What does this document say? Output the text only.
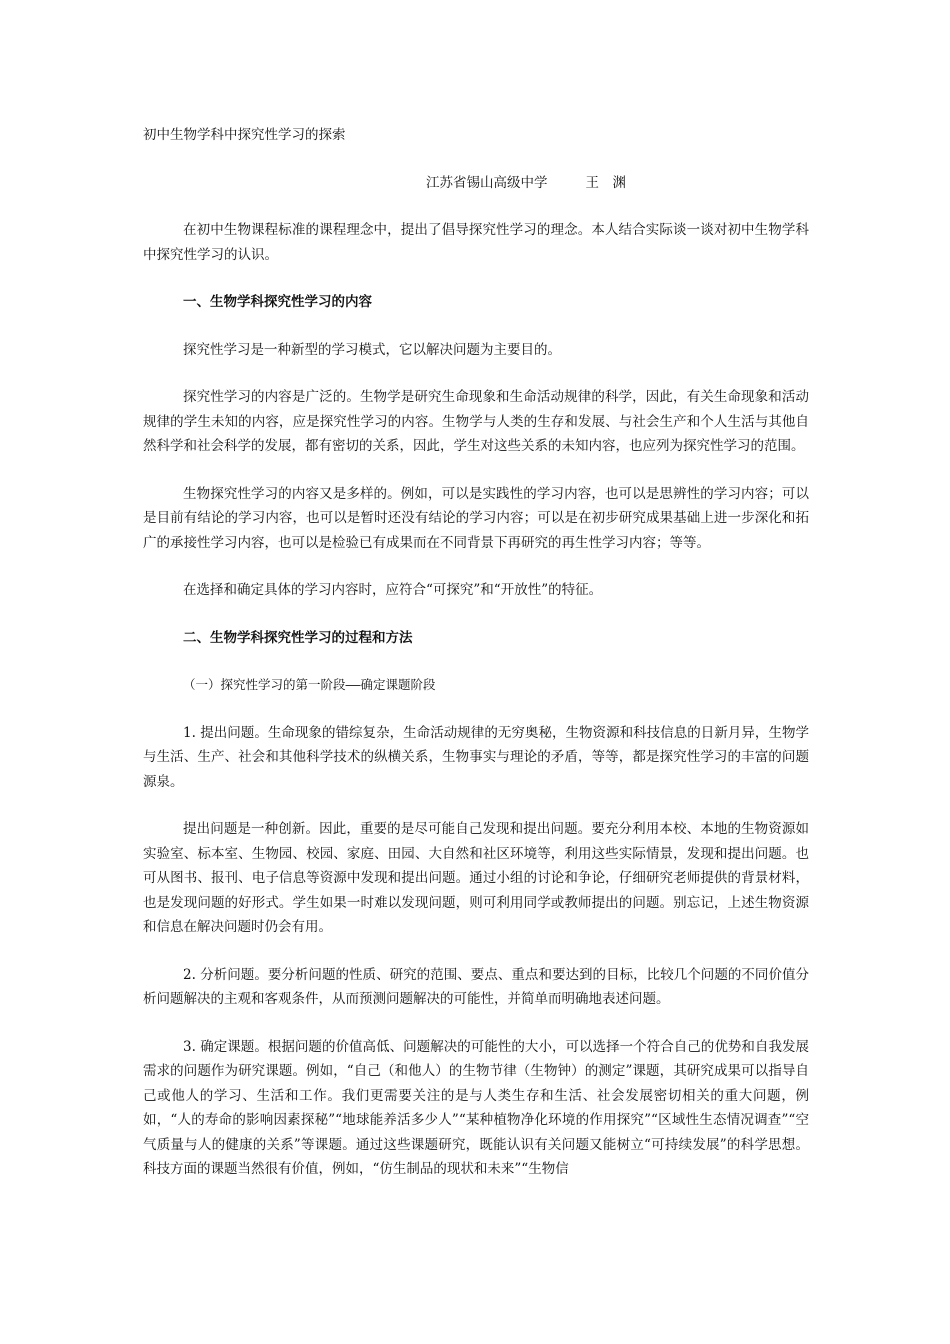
初中生物学科中探究性学习的探索
江苏省锡山高级中学	王　渊

在初中生物课程标准的课程理念中，提出了倡导探究性学习的理念。本人结合实际谈一谈对初中生物学科中探究性学习的认识。

一、生物学科探究性学习的内容

探究性学习是一种新型的学习模式，它以解决问题为主要目的。

探究性学习的内容是广泛的。生物学是研究生命现象和生命活动规律的科学，因此，有关生命现象和活动规律的学生未知的内容，应是探究性学习的内容。生物学与人类的生存和发展、与社会生产和个人生活与其他自然科学和社会科学的发展，都有密切的关系，因此，学生对这些关系的未知内容，也应列为探究性学习的范围。

生物探究性学习的内容又是多样的。例如，可以是实践性的学习内容，也可以是思辨性的学习内容；可以是目前有结论的学习内容，也可以是暂时还没有结论的学习内容；可以是在初步研究成果基础上进一步深化和拓广的承接性学习内容，也可以是检验已有成果而在不同背景下再研究的再生性学习内容；等等。

在选择和确定具体的学习内容时，应符合“可探究”和“开放性”的特征。

二、生物学科探究性学习的过程和方法
（一）探究性学习的第一阶段——确定课题阶段

1. 提出问题。生命现象的错综复杂，生命活动规律的无穷奥秘，生物资源和科技信息的日新月异，生物学与生活、生产、社会和其他科学技术的纵横关系，生物事实与理论的矛盾，等等，都是探究性学习的丰富的问题源泉。

提出问题是一种创新。因此，重要的是尽可能自己发现和提出问题。要充分利用本校、本地的生物资源如实验室、标本室、生物园、校园、家庭、田园、大自然和社区环境等，利用这些实际情景，发现和提出问题。也可从图书、报刊、电子信息等资源中发现和提出问题。通过小组的讨论和争论，仔细研究老师提供的背景材料，也是发现问题的好形式。学生如果一时难以发现问题，则可利用同学或教师提出的问题。别忘记，上述生物资源和信息在解决问题时仍会有用。

2. 分析问题。要分析问题的性质、研究的范围、要点、重点和要达到的目标，比较几个问题的不同价值分析问题解决的主观和客观条件，从而预测问题解决的可能性，并简单而明确地表述问题。

3. 确定课题。根据问题的价值高低、问题解决的可能性的大小，可以选择一个符合自己的优势和自我发展需求的问题作为研究课题。例如，“自己（和他人）的生物节律（生物钟）的测定”课题，其研究成果可以指导自己或他人的学习、生活和工作。我们更需要关注的是与人类生存和生活、社会发展密切相关的重大问题，例如，“人的寿命的影响因素探秘”“地球能养活多少人”“某种植物净化环境的作用探究”“区域性生态情况调查”“空气质量与人的健康的关系”等课题。通过这些课题研究，既能认识有关问题又能树立“可持续发展”的科学思想。科技方面的课题当然很有价值，例如，“仿生制品的现状和未来”“生物信
